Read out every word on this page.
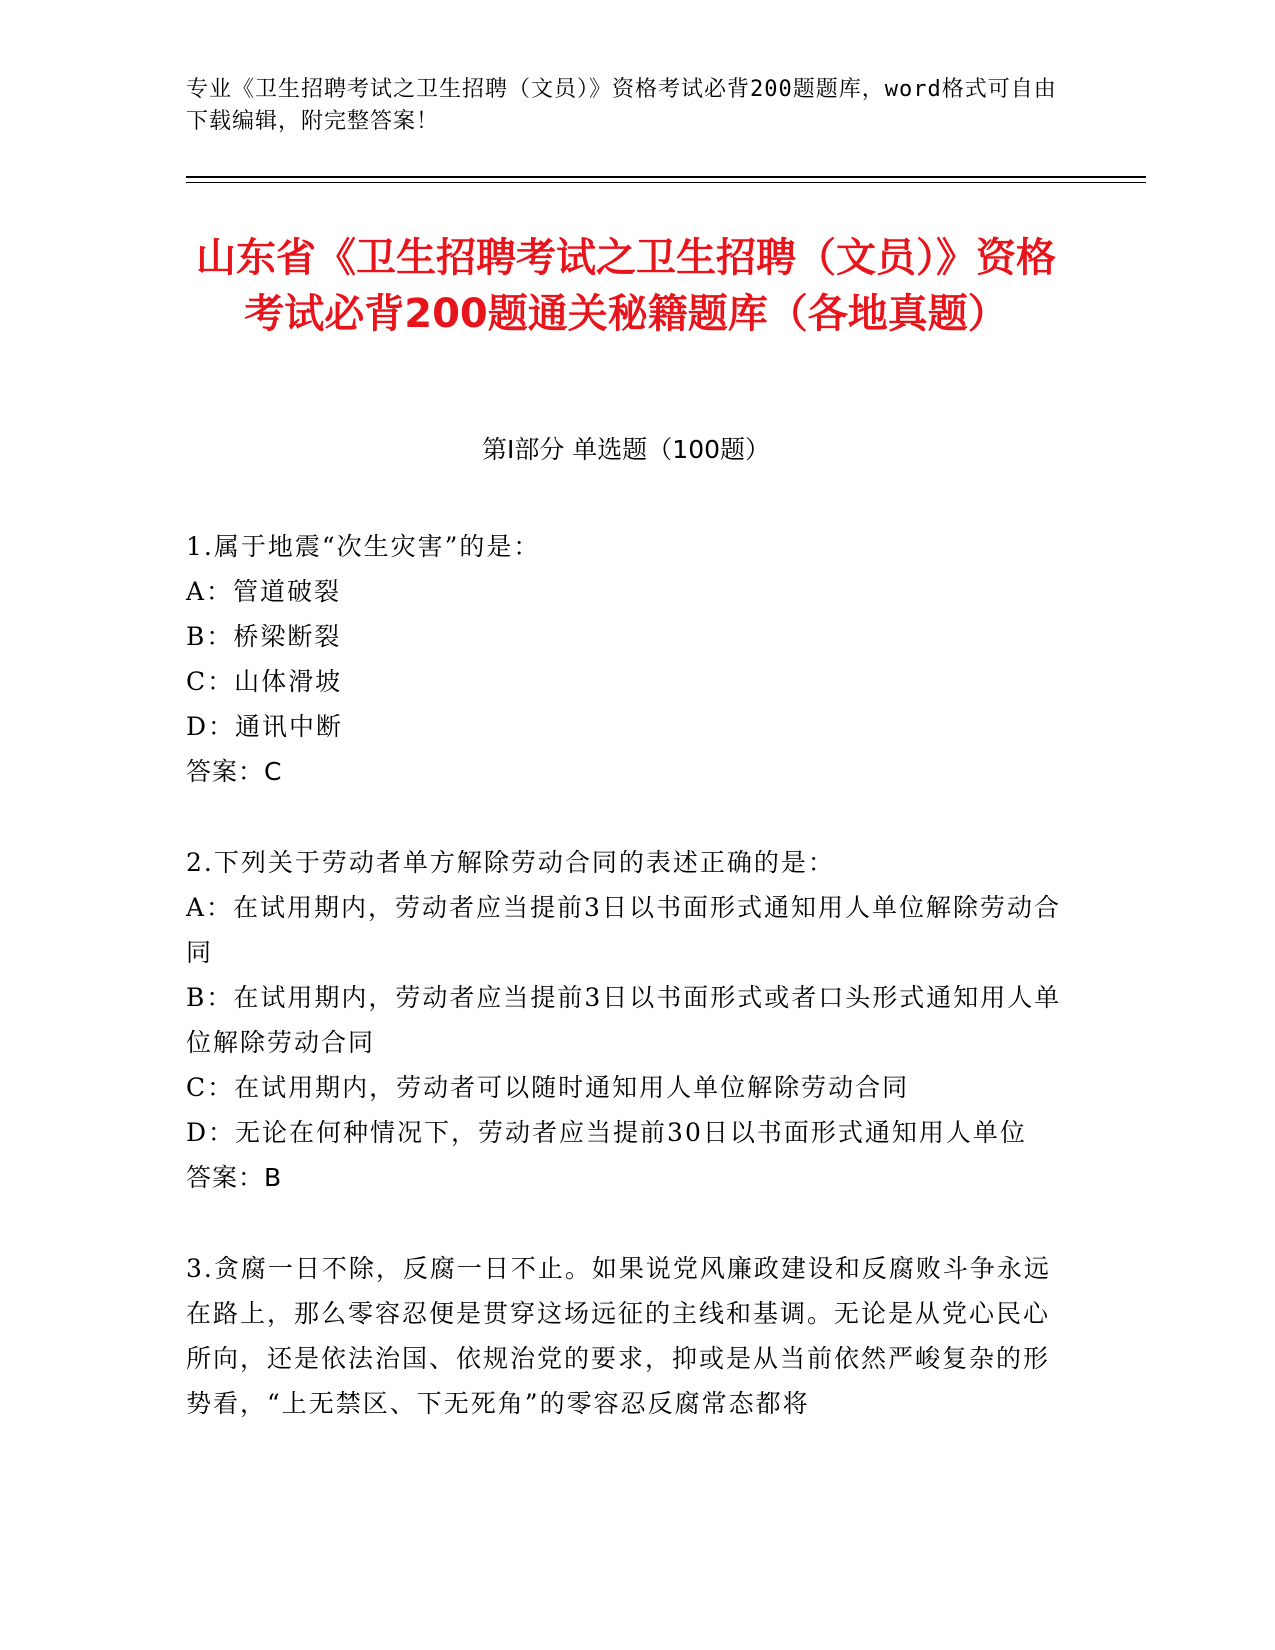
专业《卫生招聘考试之卫生招聘（文员）》资格考试必背200题题库，word格式可自由下载编辑，附完整答案！
山东省《卫生招聘考试之卫生招聘（文员）》资格考试必背200题通关秘籍题库（各地真题）
第Ⅰ部分 单选题（100题）
1.属于地震“次生灾害”的是：
A：管道破裂
B：桥梁断裂
C：山体滑坡
D：通讯中断
答案：C
2.下列关于劳动者单方解除劳动合同的表述正确的是：
A：在试用期内，劳动者应当提前3日以书面形式通知用人单位解除劳动合同
B：在试用期内，劳动者应当提前3日以书面形式或者口头形式通知用人单位解除劳动合同
C：在试用期内，劳动者可以随时通知用人单位解除劳动合同
D：无论在何种情况下，劳动者应当提前30日以书面形式通知用人单位
答案：B
3.贪腐一日不除，反腐一日不止。如果说党风廉政建设和反腐败斗争永远在路上，那么零容忍便是贯穿这场远征的主线和基调。无论是从党心民心所向，还是依法治国、依规治党的要求，抑或是从当前依然严峻复杂的形势看，“上无禁区、下无死角”的零容忍反腐常态都将
